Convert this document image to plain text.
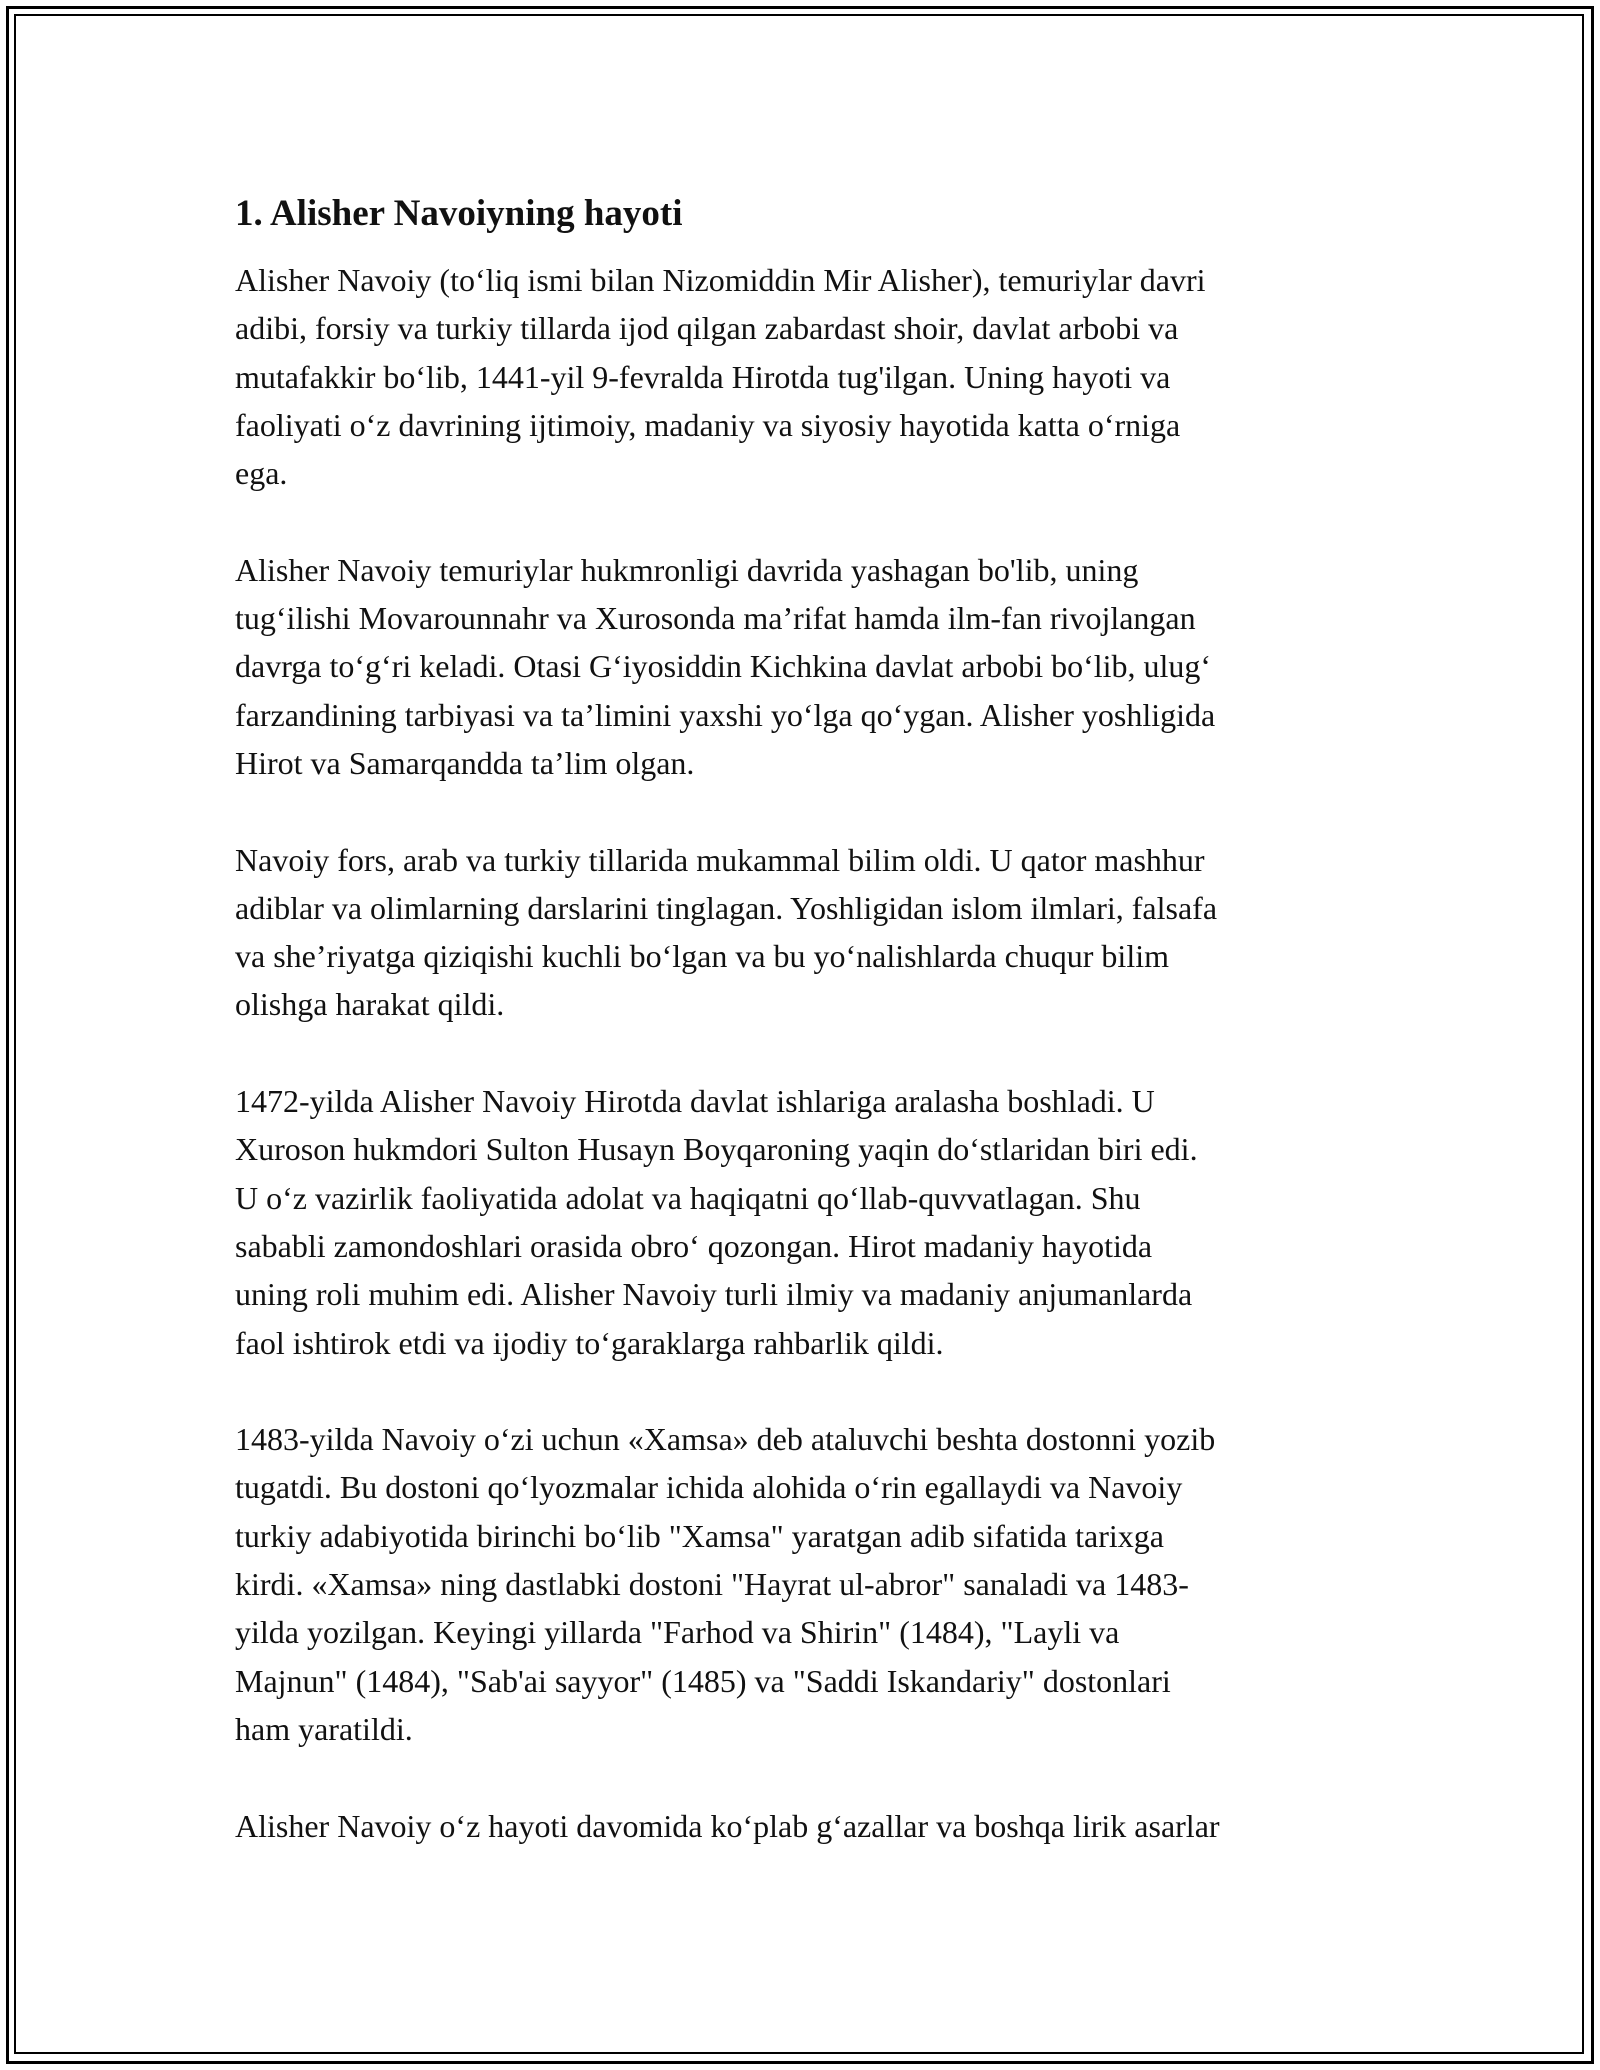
1. Alisher Navoiyning hayoti

Alisher Navoiy (to‘liq ismi bilan Nizomiddin Mir Alisher), temuriylar davri
adibi, forsiy va turkiy tillarda ijod qilgan zabardast shoir, davlat arbobi va
mutafakkir bo‘lib, 1441-yil 9-fevralda Hirotda tug'ilgan. Uning hayoti va
faoliyati o‘z davrining ijtimoiy, madaniy va siyosiy hayotida katta o‘rniga
ega.

Alisher Navoiy temuriylar hukmronligi davrida yashagan bo'lib, uning
tug‘ilishi Movarounnahr va Xurosonda ma’rifat hamda ilm-fan rivojlangan
davrga to‘g‘ri keladi. Otasi G‘iyosiddin Kichkina davlat arbobi bo‘lib, ulug‘
farzandining tarbiyasi va ta’limini yaxshi yo‘lga qo‘ygan. Alisher yoshligida
Hirot va Samarqandda ta’lim olgan.

Navoiy fors, arab va turkiy tillarida mukammal bilim oldi. U qator mashhur
adiblar va olimlarning darslarini tinglagan. Yoshligidan islom ilmlari, falsafa
va she’riyatga qiziqishi kuchli bo‘lgan va bu yo‘nalishlarda chuqur bilim
olishga harakat qildi.

1472-yilda Alisher Navoiy Hirotda davlat ishlariga aralasha boshladi. U
Xuroson hukmdori Sulton Husayn Boyqaroning yaqin do‘stlaridan biri edi.
U o‘z vazirlik faoliyatida adolat va haqiqatni qo‘llab-quvvatlagan. Shu
sababli zamondoshlari orasida obro‘ qozongan. Hirot madaniy hayotida
uning roli muhim edi. Alisher Navoiy turli ilmiy va madaniy anjumanlarda
faol ishtirok etdi va ijodiy to‘garaklarga rahbarlik qildi.

1483-yilda Navoiy o‘zi uchun «Xamsa» deb ataluvchi beshta dostonni yozib
tugatdi. Bu dostoni qo‘lyozmalar ichida alohida o‘rin egallaydi va Navoiy
turkiy adabiyotida birinchi bo‘lib "Xamsa" yaratgan adib sifatida tarixga
kirdi. «Xamsa» ning dastlabki dostoni "Hayrat ul-abror" sanaladi va 1483-
yilda yozilgan. Keyingi yillarda "Farhod va Shirin" (1484), "Layli va
Majnun" (1484), "Sab'ai sayyor" (1485) va "Saddi Iskandariy" dostonlari
ham yaratildi.

Alisher Navoiy o‘z hayoti davomida ko‘plab g‘azallar va boshqa lirik asarlar
